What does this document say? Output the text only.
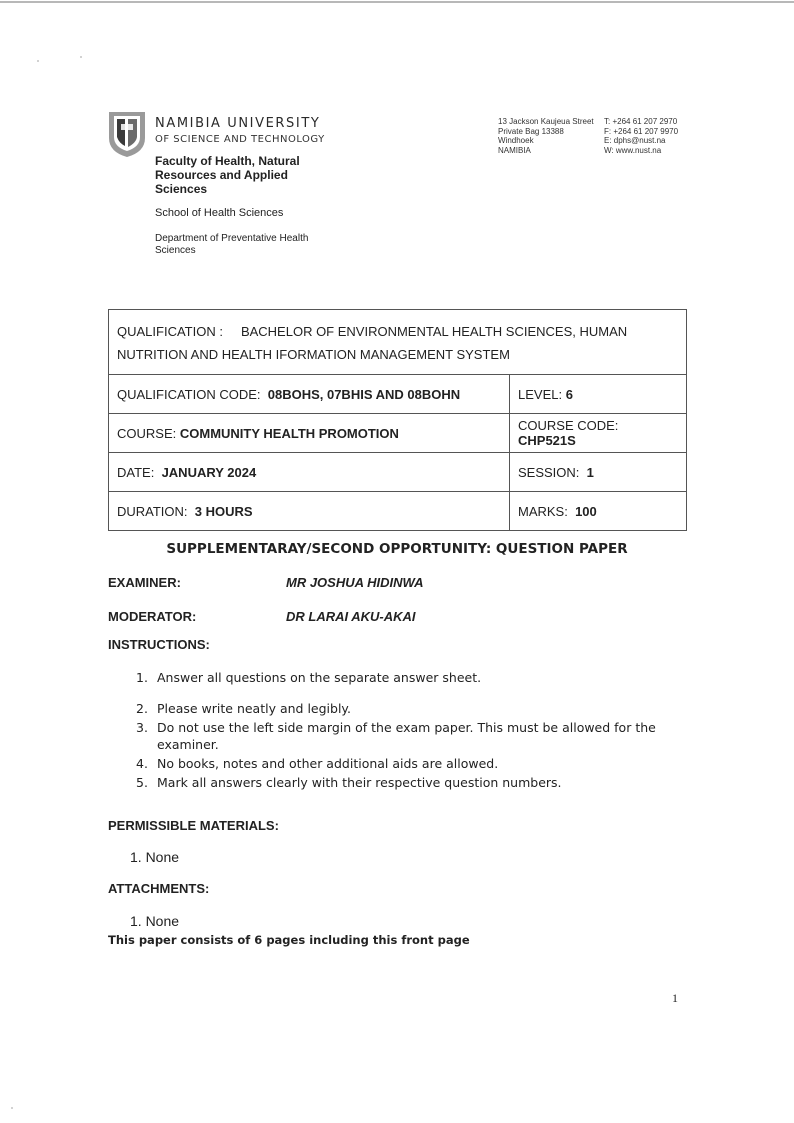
NAMIBIA UNIVERSITY
OF SCIENCE AND TECHNOLOGY
Faculty of Health, Natural Resources and Applied Sciences
School of Health Sciences
Department of Preventative Health Sciences
13 Jackson Kaujeua Street
Private Bag 13388
Windhoek
NAMIBIA
T: +264 61 207 2970
F: +264 61 207 9970
E: dphs@nust.na
W: www.nust.na
QUALIFICATION : BACHELOR OF ENVIRONMENTAL HEALTH SCIENCES, HUMAN
NUTRITION AND HEALTH IFORMATION MANAGEMENT SYSTEM	
QUALIFICATION CODE: 08BOHS, 07BHIS AND 08BOHN	LEVEL: 6
COURSE: COMMUNITY HEALTH PROMOTION	COURSE CODE:  CHP521S
DATE: JANUARY 2024	SESSION: 1
DURATION: 3 HOURS	MARKS: 100
SUPPLEMENTARAY/SECOND OPPORTUNITY: QUESTION PAPER
EXAMINER:	MR JOSHUA HIDINWA
MODERATOR:	DR LARAI AKU-AKAI
INSTRUCTIONS:
1. Answer all questions on the separate answer sheet.
2. Please write neatly and legibly.
3. Do not use the left side margin of the exam paper. This must be allowed for the examiner.
4. No books, notes and other additional aids are allowed.
5. Mark all answers clearly with their respective question numbers.
PERMISSIBLE MATERIALS:
1. None
ATTACHMENTS:
1. None
This paper consists of 6 pages including this front page
1
